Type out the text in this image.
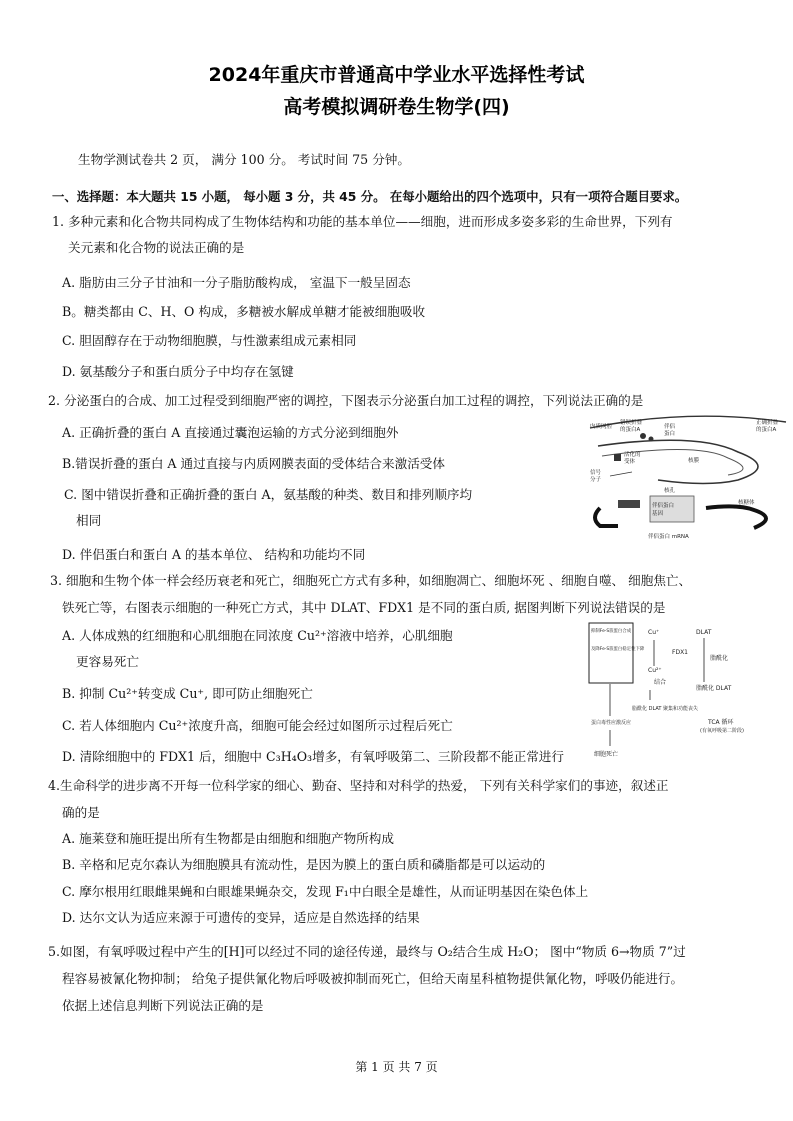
2024年重庆市普通高中学业水平选择性考试
高考模拟调研卷生物学(四)
生物学测试卷共 2 页， 满分 100 分。 考试时间 75 分钟。
一、选择题：本大题共 15 小题， 每小题 3 分，共 45 分。 在每小题给出的四个选项中，只有一项符合题目要求。
1. 多种元素和化合物共同构成了生物体结构和功能的基本单位——细胞，进而形成多姿多彩的生命世界，下列有
关元素和化合物的说法正确的是
A. 脂肪由三分子甘油和一分子脂肪酸构成， 室温下一般呈固态
B。糖类都由 C、H、O 构成，多糖被水解成单糖才能被细胞吸收
C. 胆固醇存在于动物细胞膜，与性激素组成元素相同
D. 氨基酸分子和蛋白质分子中均存在氢键
2. 分泌蛋白的合成、加工过程受到细胞严密的调控，下图表示分泌蛋白加工过程的调控，下列说法正确的是
A. 正确折叠的蛋白 A 直接通过囊泡运输的方式分泌到细胞外
B.错误折叠的蛋白 A 通过直接与内质网膜表面的受体结合来激活受体
C. 图中错误折叠和正确折叠的蛋白 A，氨基酸的种类、数目和排列顺序均
相同
D. 伴侣蛋白和蛋白 A 的基本单位、 结构和功能均不同
内质网腔
错误折叠
的蛋白A	伴侣
蛋白
正确折叠
的蛋白A
活化的
受体
信号
分子
核膜
核孔
核糖体
伴侣蛋白
基因
伴侣蛋白 mRNA
3. 细胞和生物个体一样会经历衰老和死亡，细胞死亡方式有多种，如细胞凋亡、细胞坏死 、细胞自噬、 细胞焦亡、
铁死亡等，右图表示细胞的一种死亡方式，其中 DLAT、FDX1 是不同的蛋白质, 据图判断下列说法错误的是
A. 人体成熟的红细胞和心肌细胞在同浓度 Cu²⁺溶液中培养，心肌细胞
更容易死亡
B. 抑制 Cu²⁺转变成 Cu⁺, 即可防止细胞死亡
C. 若人体细胞内 Cu²⁺浓度升高，细胞可能会经过如图所示过程后死亡
D. 清除细胞中的 FDX1 后，细胞中 C₃H₄O₃增多，有氧呼吸第二、三阶段都不能正常进行
抑制Fe-S簇蛋白合成
及降Fe-S簇蛋白稳定性下降
Cu⁺
Cu²⁺
FDX1
DLAT
脂酰化
脂酰化 DLAT
结合
脂酰化 DLAT 聚集和功能丧失
TCA 循环
(有氧呼吸第二阶段)
蛋白毒性应激反应
细胞死亡
4.生命科学的进步离不开每一位科学家的细心、勤奋、坚持和对科学的热爱， 下列有关科学家们的事迹，叙述正
确的是
A. 施莱登和施旺提出所有生物都是由细胞和细胞产物所构成
B. 辛格和尼克尔森认为细胞膜具有流动性，是因为膜上的蛋白质和磷脂都是可以运动的
C. 摩尔根用红眼雌果蝇和白眼雄果蝇杂交，发现 F₁中白眼全是雄性，从而证明基因在染色体上
D. 达尔文认为适应来源于可遗传的变异，适应是自然选择的结果
5.如图，有氧呼吸过程中产生的[H]可以经过不同的途径传递，最终与 O₂结合生成 H₂O； 图中“物质 6→物质 7”过
程容易被氰化物抑制； 给兔子提供氰化物后呼吸被抑制而死亡，但给天南星科植物提供氰化物，呼吸仍能进行。
依据上述信息判断下列说法正确的是
第 1 页 共 7 页
